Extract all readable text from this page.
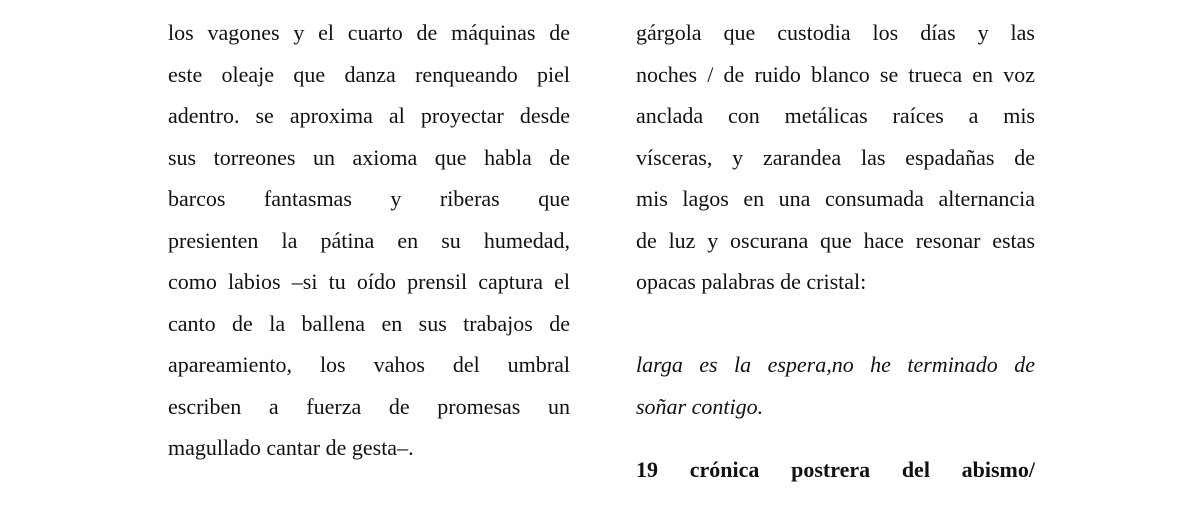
los vagones y el cuarto de máquinas de
este oleaje que danza renqueando piel
adentro. se aproxima al proyectar desde
sus torreones un axioma que habla de
barcos fantasmas y riberas que
presienten la pátina en su humedad,
como labios –si tu oído prensil captura el
canto de la ballena en sus trabajos de
apareamiento, los vahos del umbral
escriben a fuerza de promesas un
magullado cantar de gesta–.
gárgola que custodia los días y las
noches / de ruido blanco se trueca en voz
anclada con metálicas raíces a mis
vísceras, y zarandea las espadañas de
mis lagos en una consumada alternancia
de luz y oscurana que hace resonar estas
opacas palabras de cristal:
larga es la espera,no he terminado de
soñar contigo.
19 crónica postrera del abismo/
